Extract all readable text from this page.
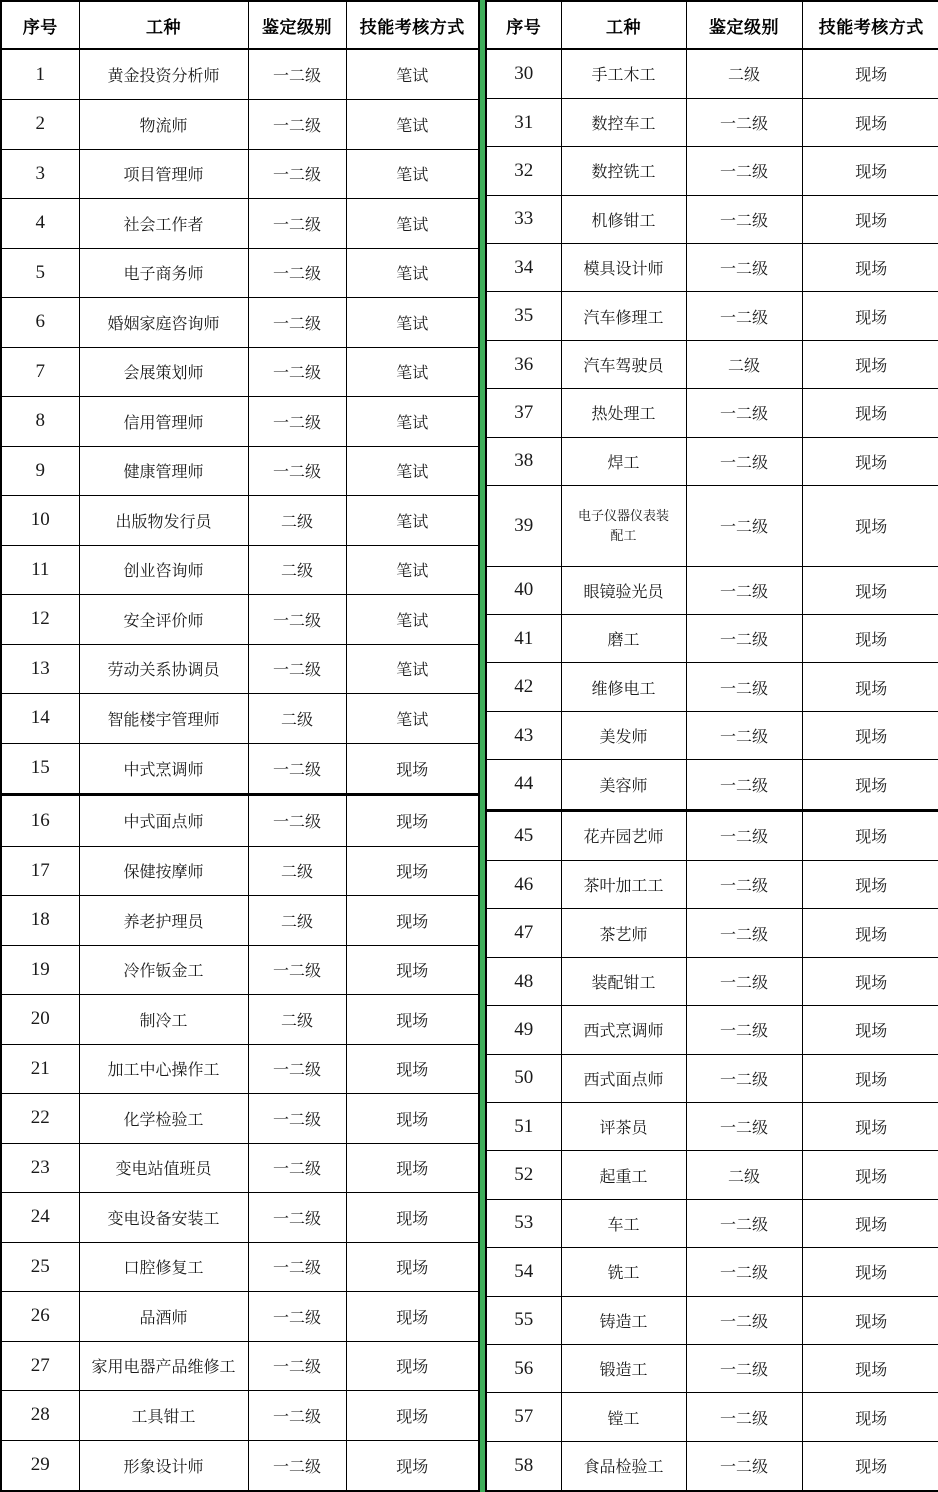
序号	工种	鉴定级别	技能考核方式
1	黄金投资分析师	一二级	笔试
2	物流师	一二级	笔试
3	项目管理师	一二级	笔试
4	社会工作者	一二级	笔试
5	电子商务师	一二级	笔试
6	婚姻家庭咨询师	一二级	笔试
7	会展策划师	一二级	笔试
8	信用管理师	一二级	笔试
9	健康管理师	一二级	笔试
10	出版物发行员	二级	笔试
11	创业咨询师	二级	笔试
12	安全评价师	一二级	笔试
13	劳动关系协调员	一二级	笔试
14	智能楼宇管理师	二级	笔试
15	中式烹调师	一二级	现场
16	中式面点师	一二级	现场
17	保健按摩师	二级	现场
18	养老护理员	二级	现场
19	冷作钣金工	一二级	现场
20	制冷工	二级	现场
21	加工中心操作工	一二级	现场
22	化学检验工	一二级	现场
23	变电站值班员	一二级	现场
24	变电设备安装工	一二级	现场
25	口腔修复工	一二级	现场
26	品酒师	一二级	现场
27	家用电器产品维修工	一二级	现场
28	工具钳工	一二级	现场
29	形象设计师	一二级	现场
序号	工种	鉴定级别	技能考核方式
30	手工木工	二级	现场
31	数控车工	一二级	现场
32	数控铣工	一二级	现场
33	机修钳工	一二级	现场
34	模具设计师	一二级	现场
35	汽车修理工	一二级	现场
36	汽车驾驶员	二级	现场
37	热处理工	一二级	现场
38	焊工	一二级	现场
39	电子仪器仪表装配工	一二级	现场
40	眼镜验光员	一二级	现场
41	磨工	一二级	现场
42	维修电工	一二级	现场
43	美发师	一二级	现场
44	美容师	一二级	现场
45	花卉园艺师	一二级	现场
46	茶叶加工工	一二级	现场
47	茶艺师	一二级	现场
48	装配钳工	一二级	现场
49	西式烹调师	一二级	现场
50	西式面点师	一二级	现场
51	评茶员	一二级	现场
52	起重工	二级	现场
53	车工	一二级	现场
54	铣工	一二级	现场
55	铸造工	一二级	现场
56	锻造工	一二级	现场
57	镗工	一二级	现场
58	食品检验工	一二级	现场
